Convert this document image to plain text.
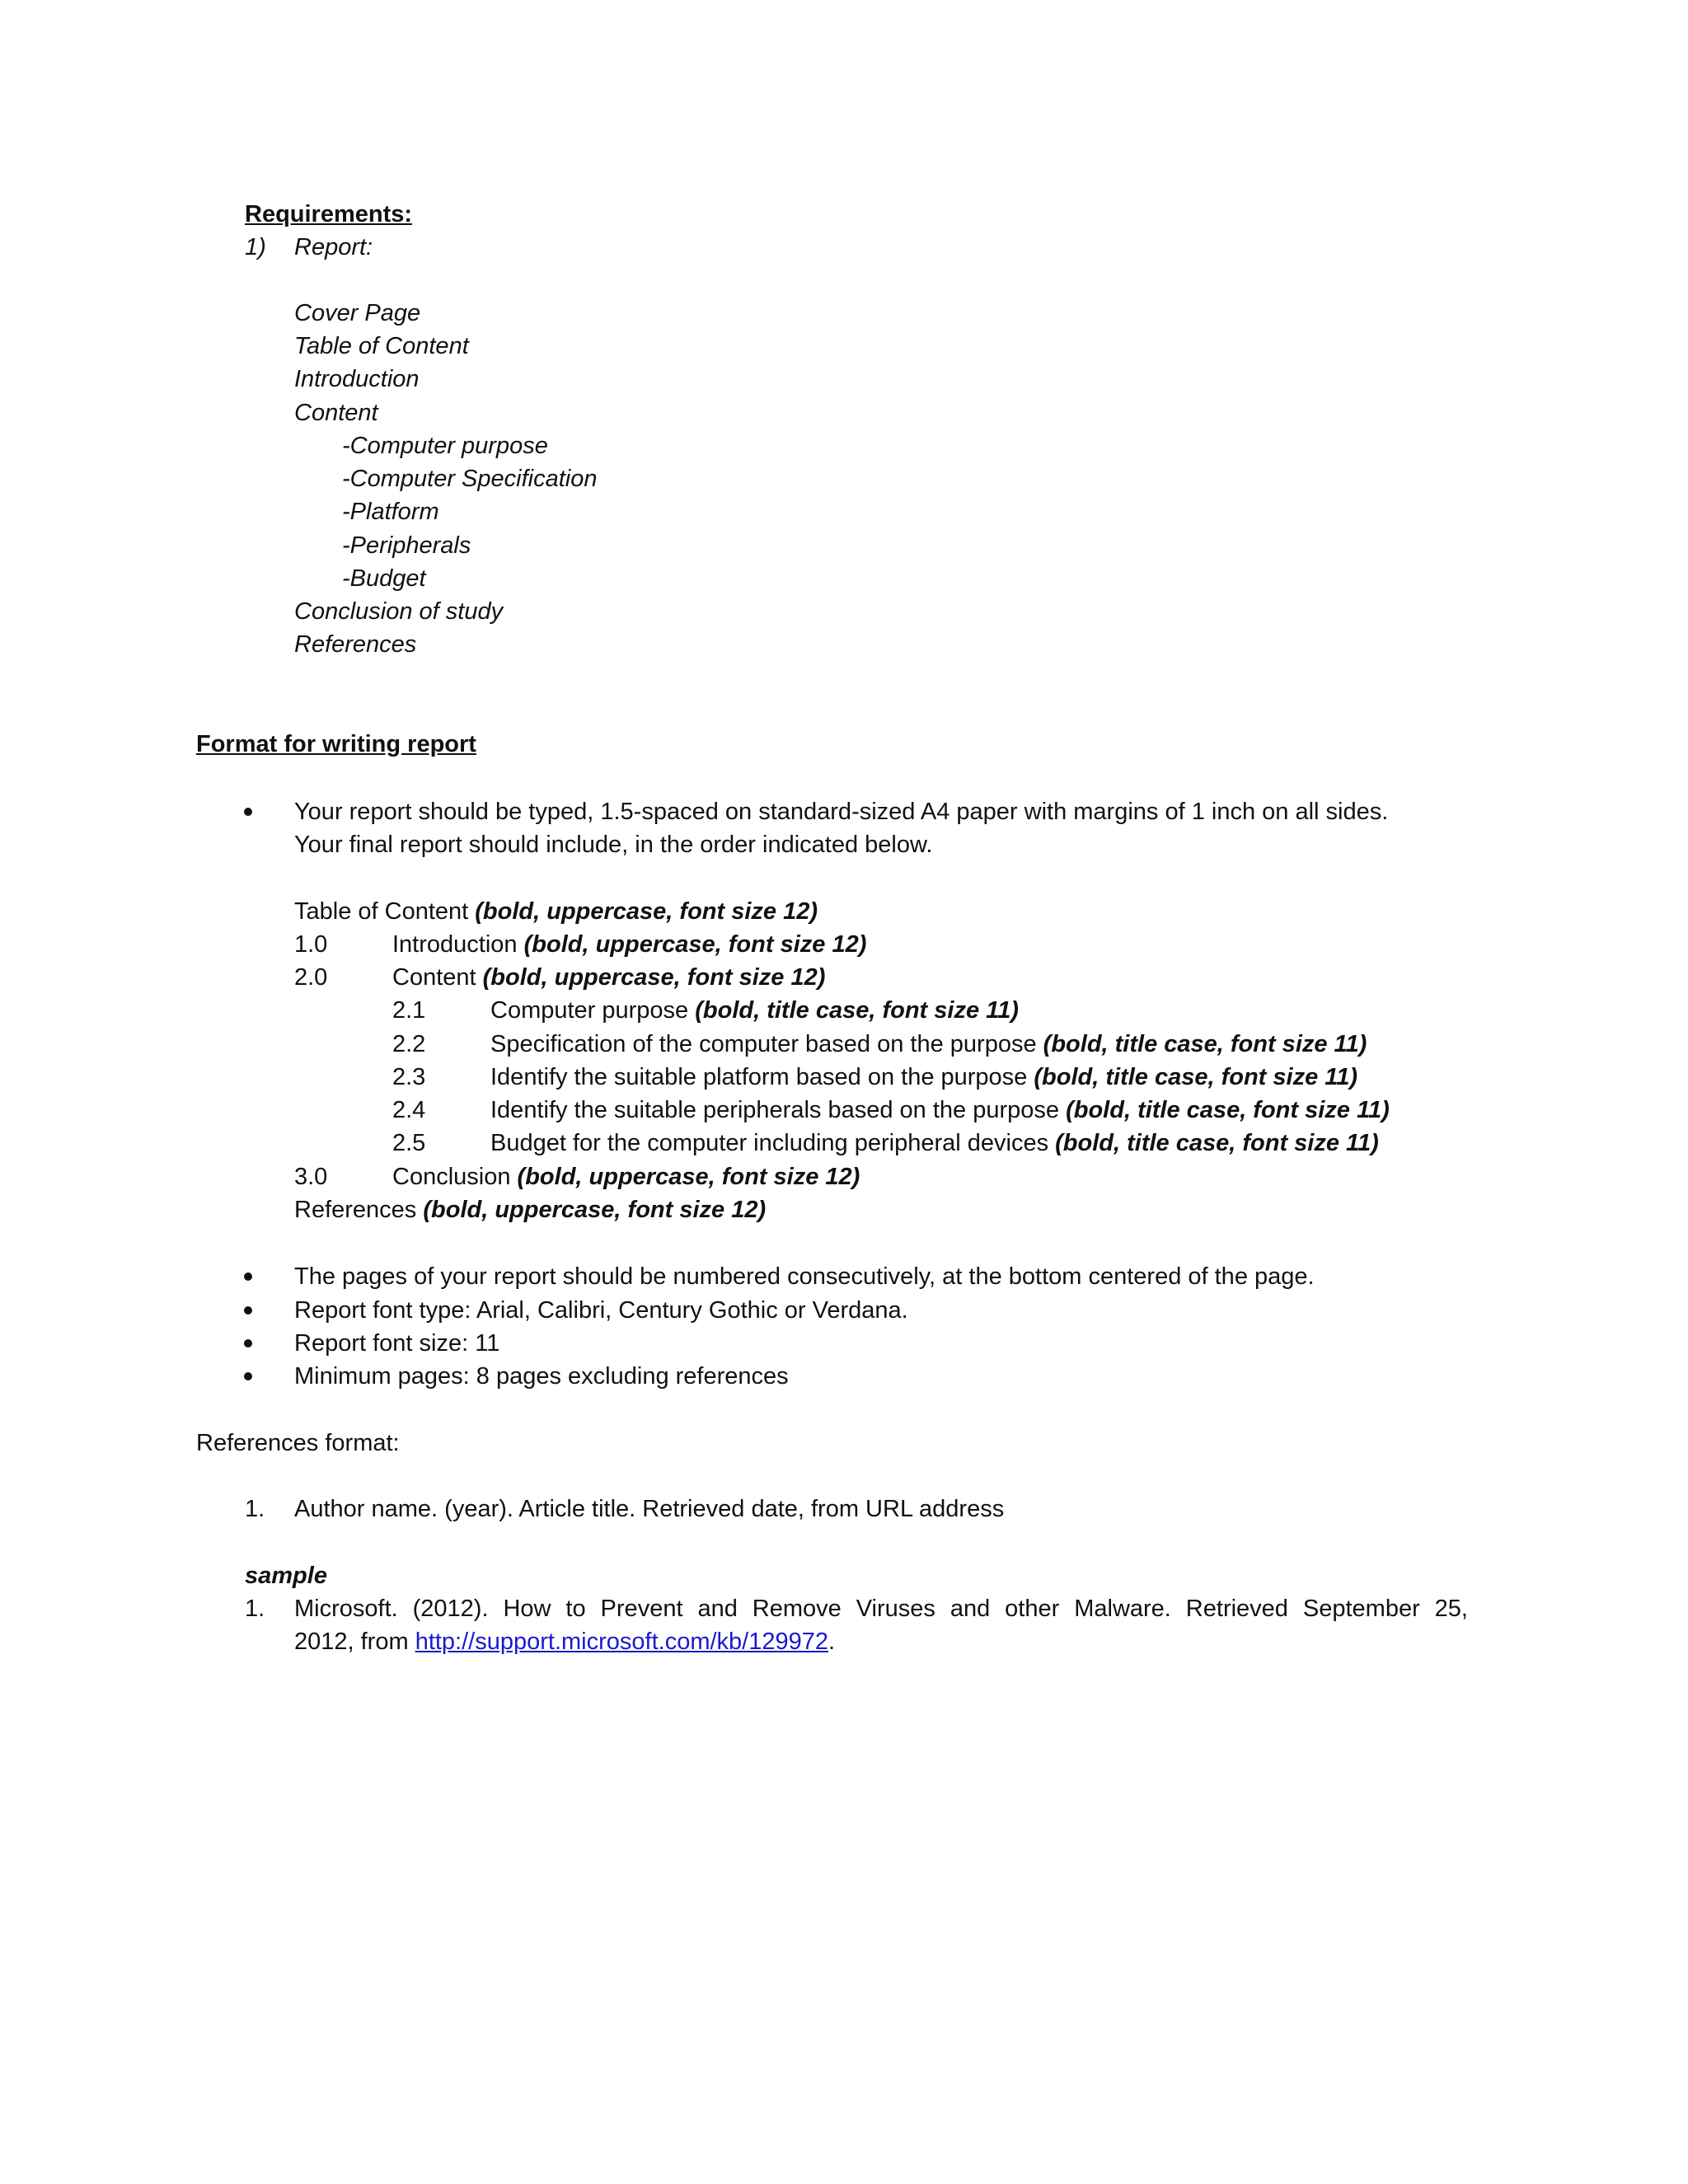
Requirements:
1) Report:
Cover Page
Table of Content
Introduction
Content
-Computer purpose
-Computer Specification
-Platform
-Peripherals
-Budget
Conclusion of study
References
Format for writing report
Your report should be typed, 1.5-spaced on standard-sized A4 paper with margins of 1 inch on all sides.
Your final report should include, in the order indicated below.
Table of Content (bold, uppercase, font size 12)
1.0	Introduction (bold, uppercase, font size 12)
2.0	Content (bold, uppercase, font size 12)
2.1	Computer purpose (bold, title case, font size 11)
2.2	Specification of the computer based on the purpose (bold, title case, font size 11)
2.3	Identify the suitable platform based on the purpose (bold, title case, font size 11)
2.4	Identify the suitable peripherals based on the purpose (bold, title case, font size 11)
2.5	Budget for the computer including peripheral devices (bold, title case, font size 11)
3.0	Conclusion (bold, uppercase, font size 12)
References (bold, uppercase, font size 12)
The pages of your report should be numbered consecutively, at the bottom centered of the page.
Report font type: Arial, Calibri, Century Gothic or Verdana.
Report font size: 11
Minimum pages: 8 pages excluding references
References format:
1. Author name. (year). Article title. Retrieved date, from URL address
sample
1. Microsoft. (2012). How to Prevent and Remove Viruses and other Malware. Retrieved September 25,
2012, from http://support.microsoft.com/kb/129972.
